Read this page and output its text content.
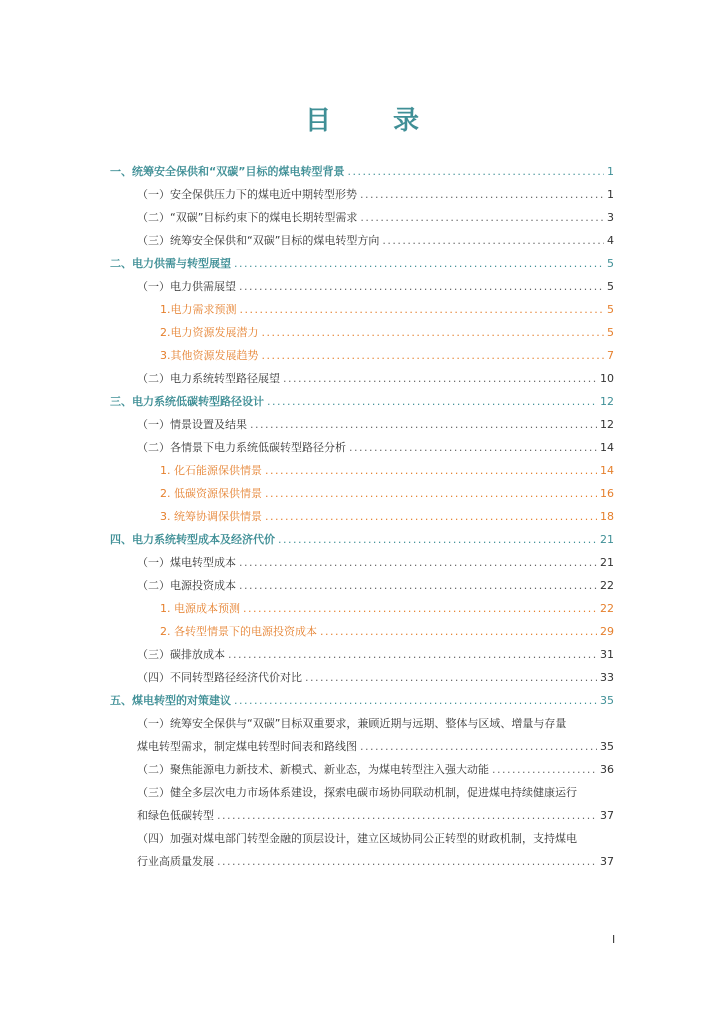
目　录
一、统筹安全保供和“双碳”目标的煤电转型背景 .....	1
（一）安全保供压力下的煤电近中期转型形势 .....	1
（二）“双碳”目标约束下的煤电长期转型需求 .....	3
（三）统筹安全保供和“双碳”目标的煤电转型方向 .....	4
二、电力供需与转型展望 .....	5
（一）电力供需展望 .....	5
1.电力需求预测 .....	5
2.电力资源发展潜力 .....	5
3.其他资源发展趋势 .....	7
（二）电力系统转型路径展望 .....	10
三、电力系统低碳转型路径设计 .....	12
（一）情景设置及结果 .....	12
（二）各情景下电力系统低碳转型路径分析 .....	14
1. 化石能源保供情景 .....	14
2. 低碳资源保供情景 .....	16
3. 统筹协调保供情景 .....	18
四、电力系统转型成本及经济代价 .....	21
（一）煤电转型成本 .....	21
（二）电源投资成本 .....	22
1. 电源成本预测 .....	22
2. 各转型情景下的电源投资成本 .....	29
（三）碳排放成本 .....	31
（四）不同转型路径经济代价对比 .....	33
五、煤电转型的对策建议 .....	35
（一）统筹安全保供与“双碳”目标双重要求，兼顾近期与远期、整体与区域、增量与存量
煤电转型需求，制定煤电转型时间表和路线图 .....	35
（二）聚焦能源电力新技术、新模式、新业态，为煤电转型注入强大动能 .....	36
（三）健全多层次电力市场体系建设，探索电碳市场协同联动机制，促进煤电持续健康运行
和绿色低碳转型 .....	37
（四）加强对煤电部门转型金融的顶层设计，建立区域协同公正转型的财政机制，支持煤电
行业高质量发展 .....	37
I
